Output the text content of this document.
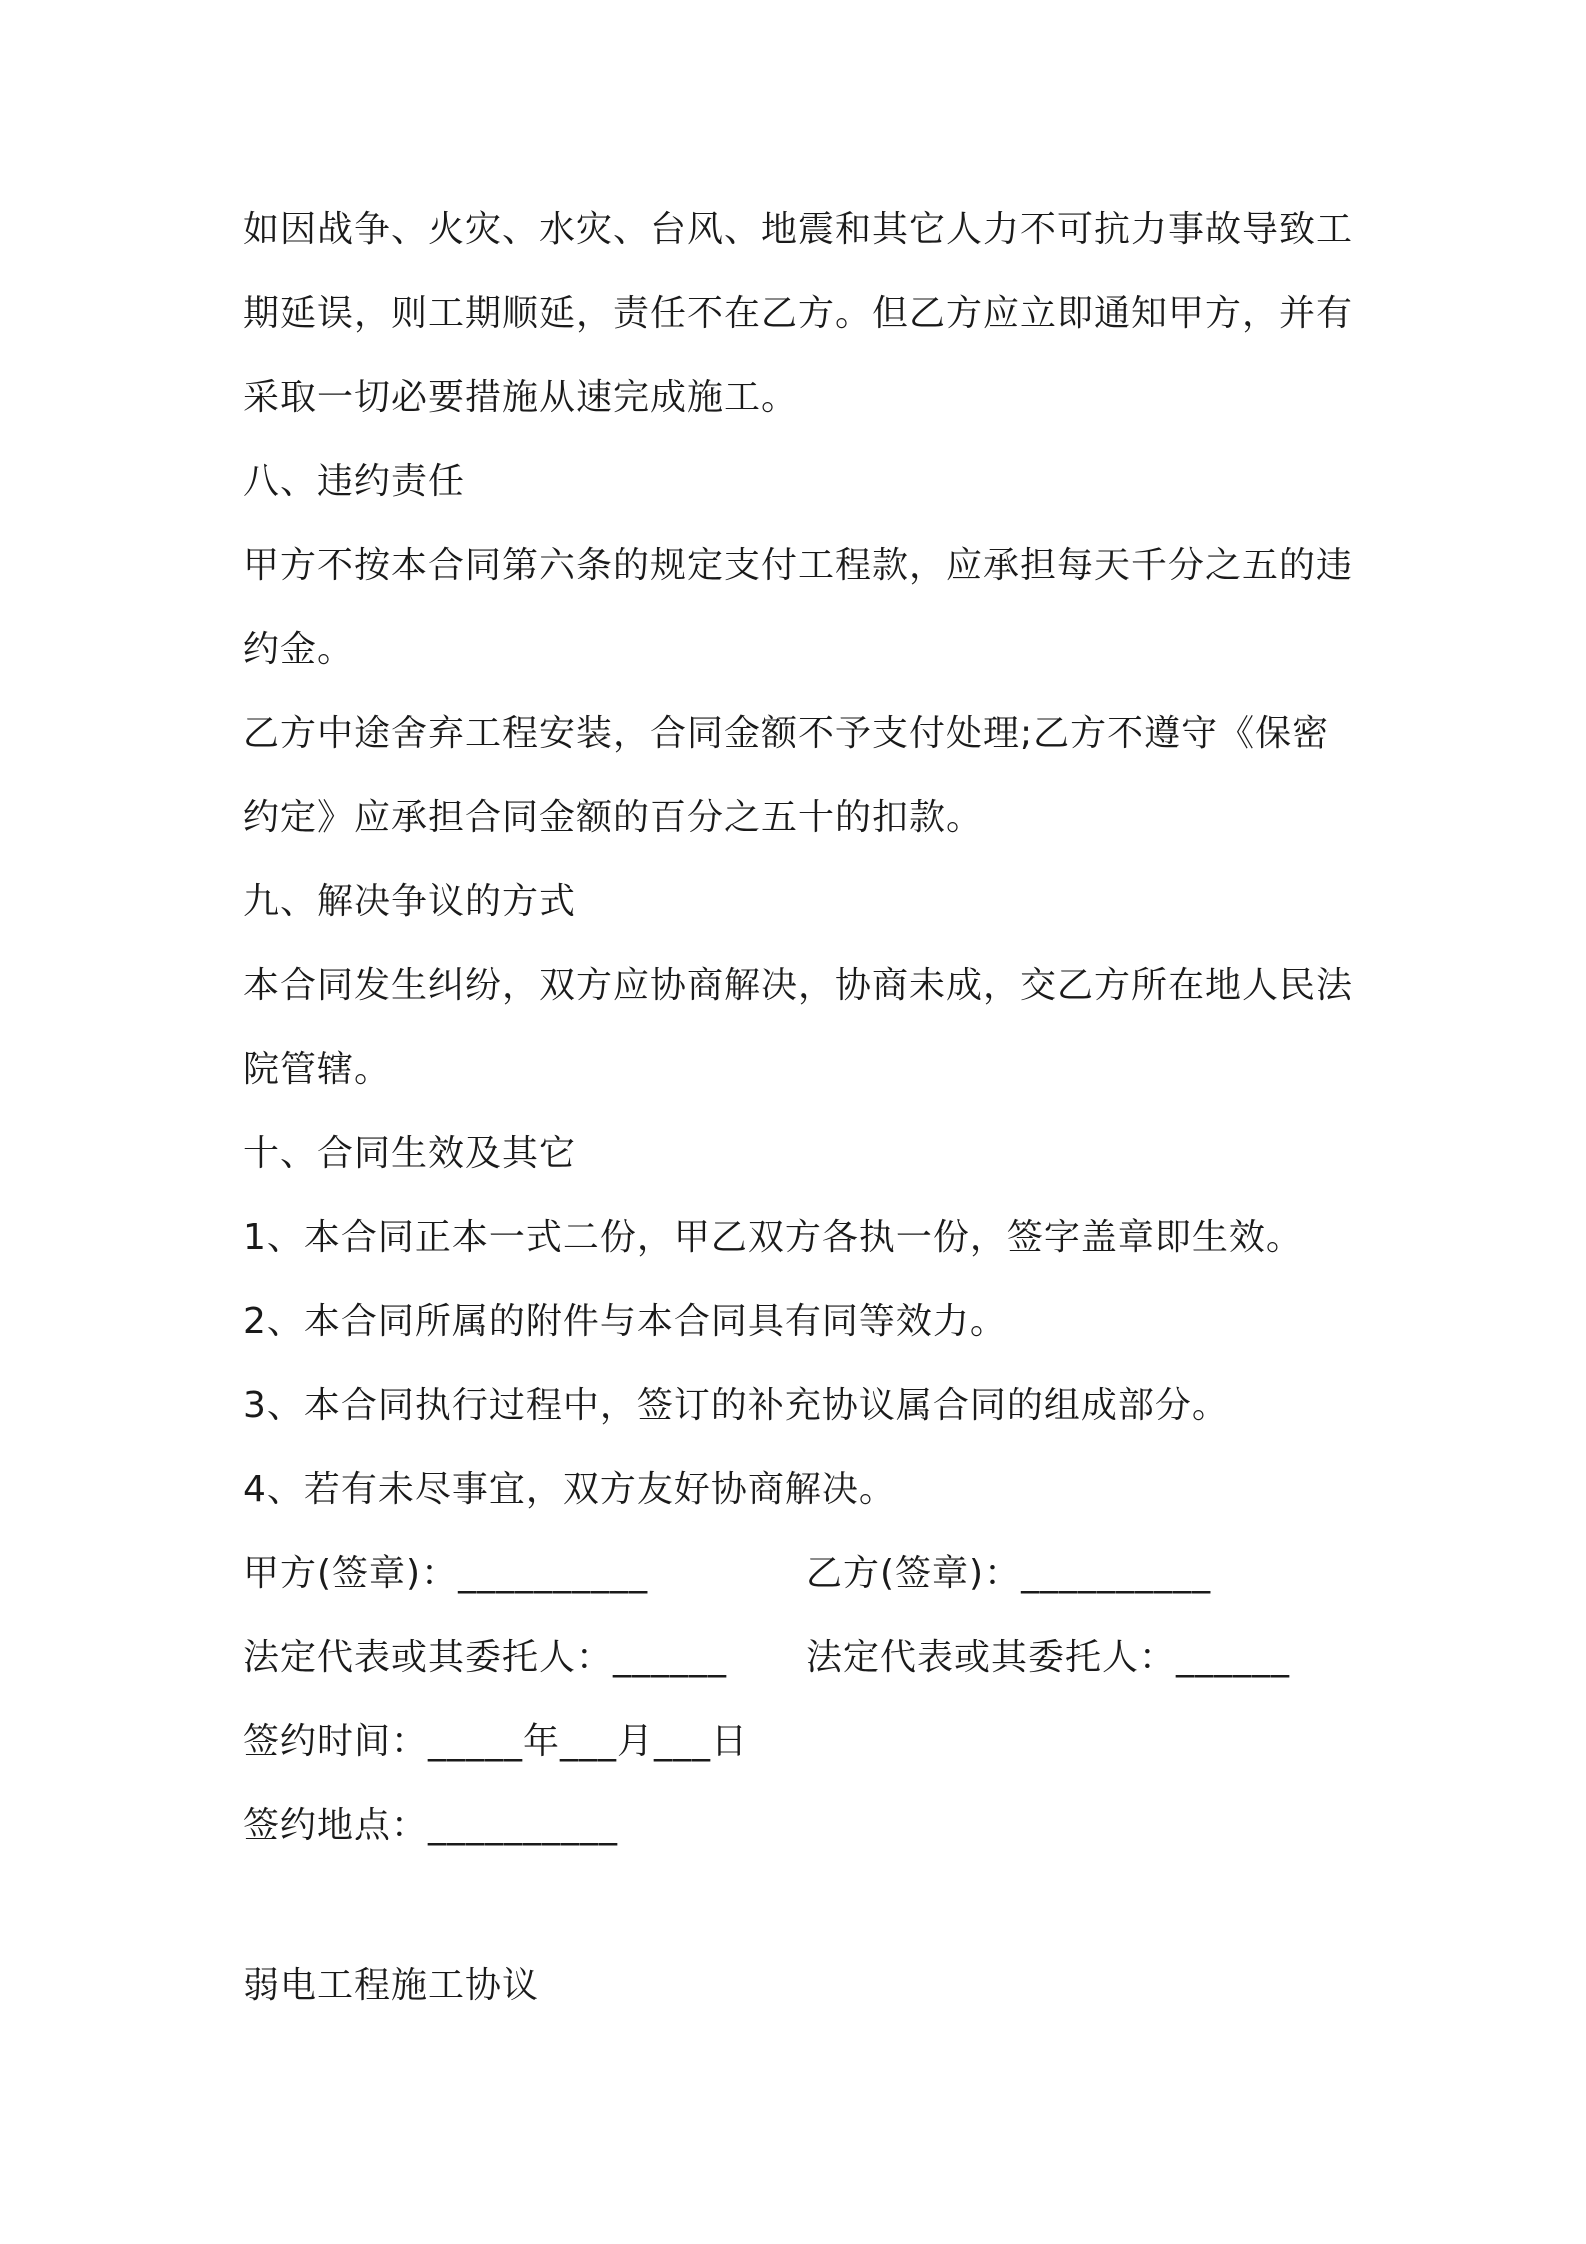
如因战争、火灾、水灾、台风、地震和其它人力不可抗力事故导致工
期延误，则工期顺延，责任不在乙方。但乙方应立即通知甲方，并有
采取一切必要措施从速完成施工。
八、违约责任
甲方不按本合同第六条的规定支付工程款，应承担每天千分之五的违
约金。
乙方中途舍弃工程安装，合同金额不予支付处理;乙方不遵守《保密
约定》应承担合同金额的百分之五十的扣款。
九、解决争议的方式
本合同发生纠纷，双方应协商解决，协商未成，交乙方所在地人民法
院管辖。
十、合同生效及其它
1、本合同正本一式二份，甲乙双方各执一份，签字盖章即生效。
2、本合同所属的附件与本合同具有同等效力。
3、本合同执行过程中，签订的补充协议属合同的组成部分。
4、若有未尽事宜，双方友好协商解决。
甲方(签章)：__________	乙方(签章)：__________
法定代表或其委托人：______ 法定代表或其委托人：______
签约时间：_____年___月___日
签约地点：__________
弱电工程施工协议
